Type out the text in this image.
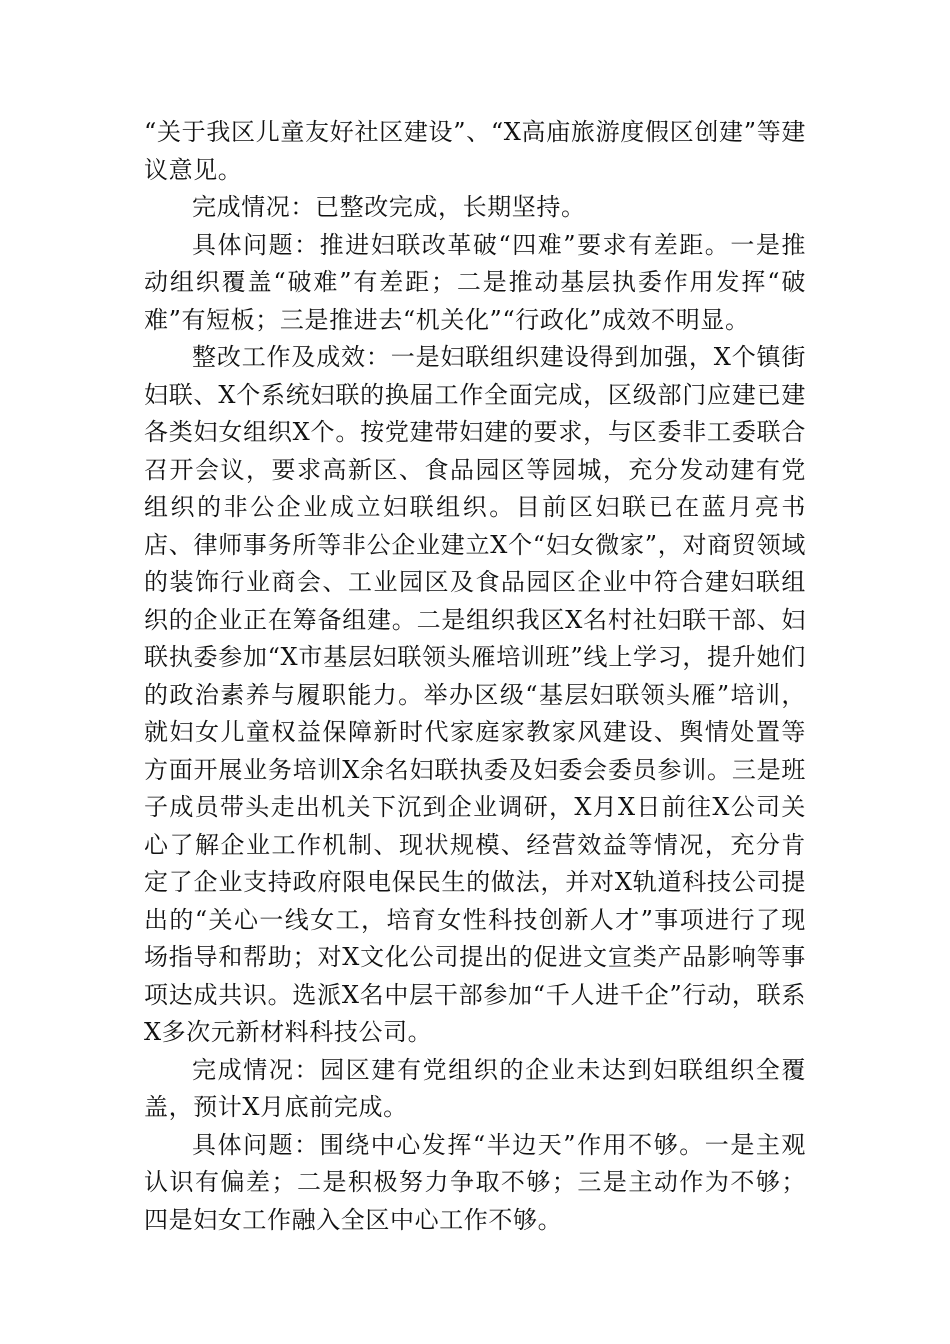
“关于我区儿童友好社区建设”、“X高庙旅游度假区创建”等建议意见。

完成情况：已整改完成，长期坚持。

具体问题：推进妇联改革破“四难”要求有差距。一是推动组织覆盖“破难”有差距；二是推动基层执委作用发挥“破难”有短板；三是推进去“机关化”“行政化”成效不明显。

整改工作及成效：一是妇联组织建设得到加强，X个镇街妇联、X个系统妇联的换届工作全面完成，区级部门应建已建各类妇女组织X个。按党建带妇建的要求，与区委非工委联合召开会议，要求高新区、食品园区等园城，充分发动建有党组织的非公企业成立妇联组织。目前区妇联已在蓝月亮书店、律师事务所等非公企业建立X个“妇女微家”，对商贸领域的装饰行业商会、工业园区及食品园区企业中符合建妇联组织的企业正在筹备组建。二是组织我区X名村社妇联干部、妇联执委参加“X市基层妇联领头雁培训班”线上学习，提升她们的政治素养与履职能力。举办区级“基层妇联领头雁”培训，就妇女儿童权益保障新时代家庭家教家风建设、舆情处置等方面开展业务培训X余名妇联执委及妇委会委员参训。三是班子成员带头走出机关下沉到企业调研，X月X日前往X公司关心了解企业工作机制、现状规模、经营效益等情况，充分肯定了企业支持政府限电保民生的做法，并对X轨道科技公司提出的“关心一线女工，培育女性科技创新人才”事项进行了现场指导和帮助；对X文化公司提出的促进文宣类产品影响等事项达成共识。选派X名中层干部参加“千人进千企”行动，联系X多次元新材料科技公司。

完成情况：园区建有党组织的企业未达到妇联组织全覆盖，预计X月底前完成。

具体问题：围绕中心发挥“半边天”作用不够。一是主观认识有偏差；二是积极努力争取不够；三是主动作为不够；四是妇女工作融入全区中心工作不够。
